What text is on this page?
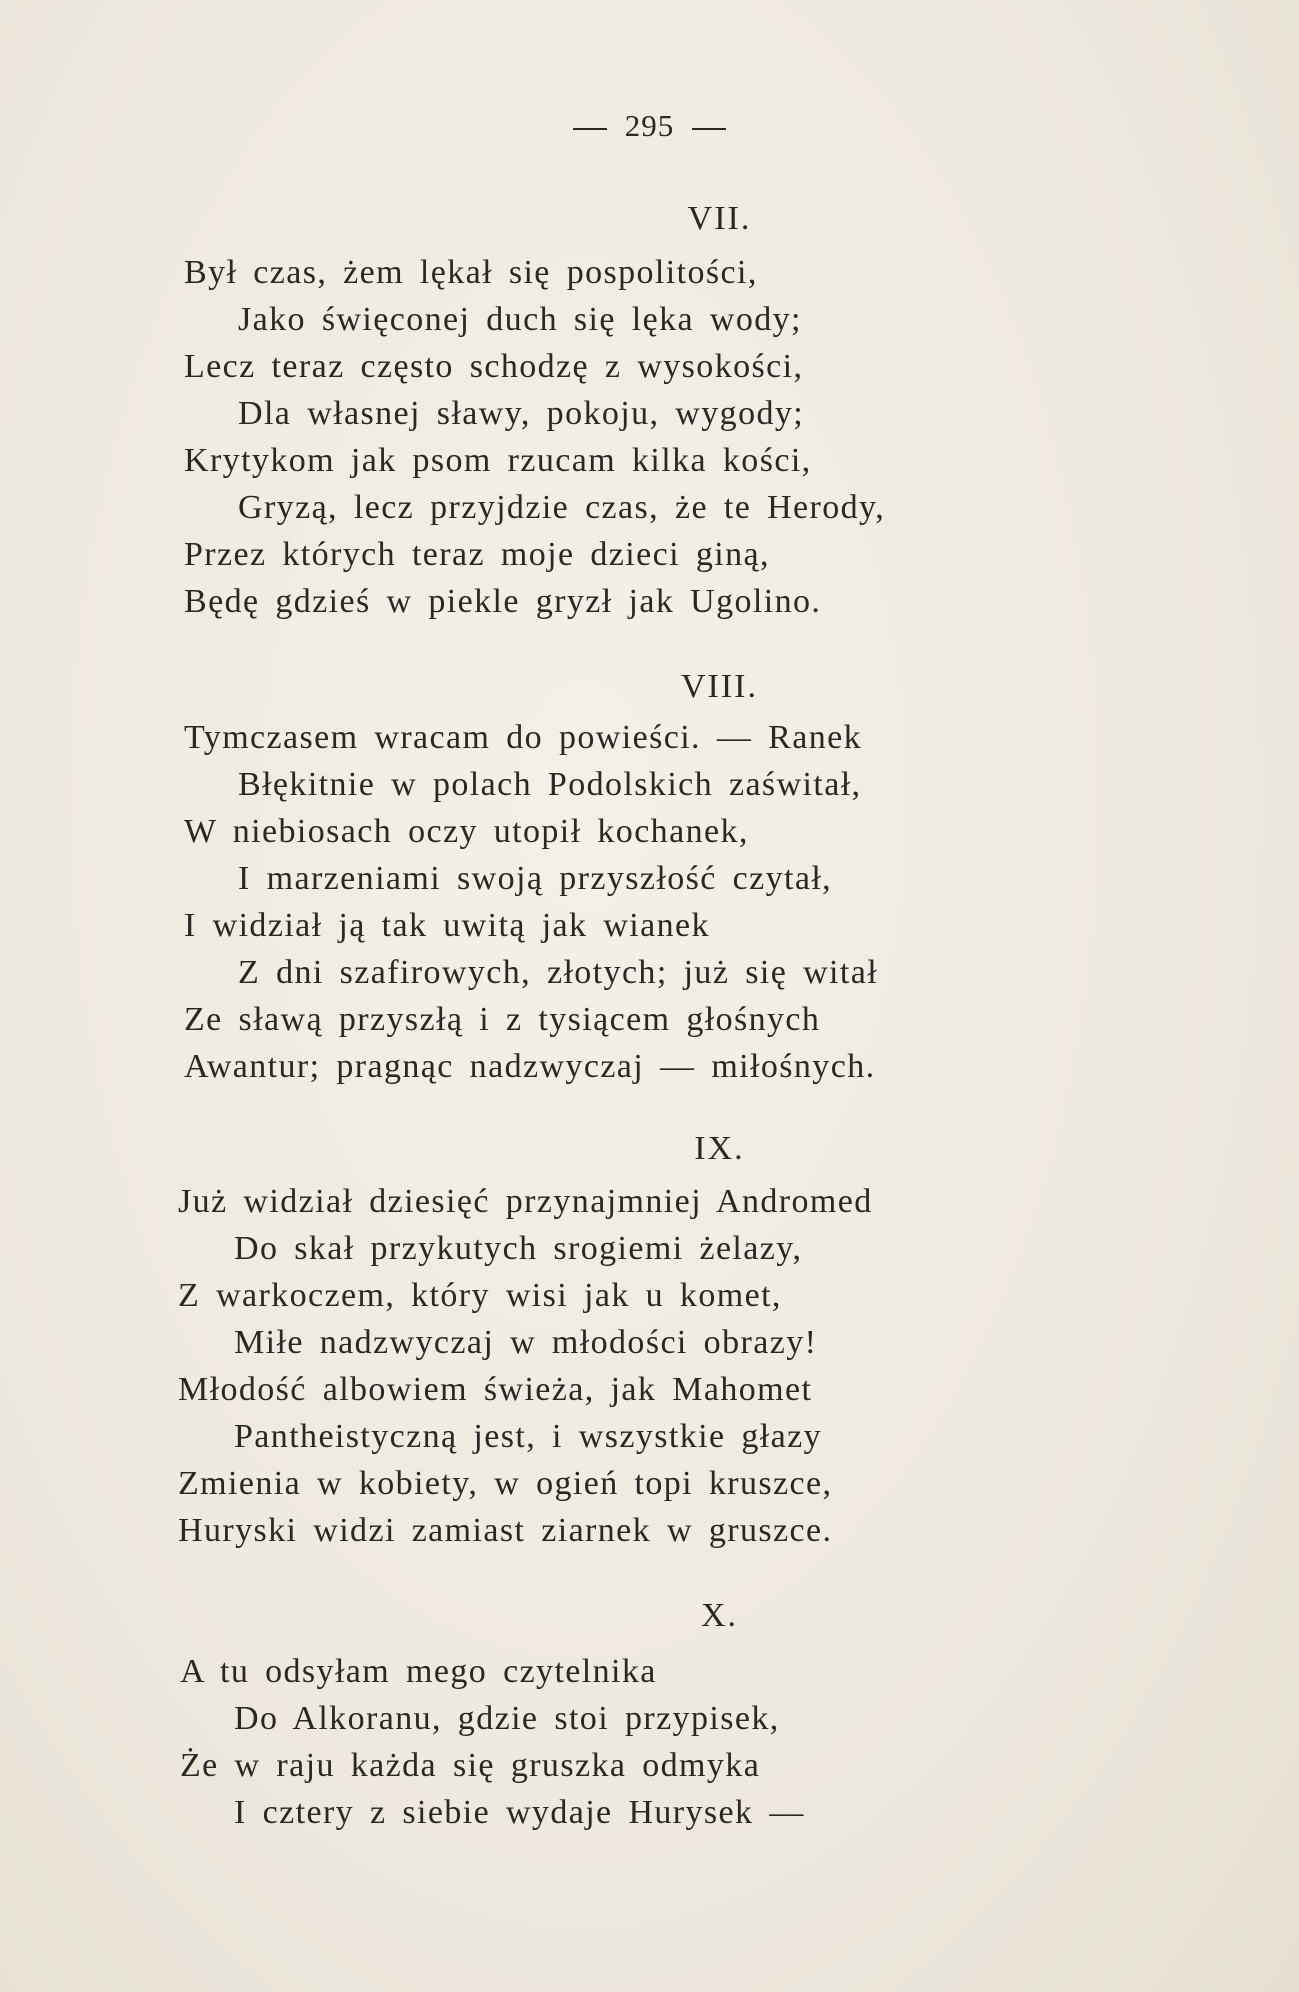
295
VII.
Był czas, żem lękał się pospolitości,
Jako święconej duch się lęka wody;
Lecz teraz często schodzę z wysokości,
Dla własnej sławy, pokoju, wygody;
Krytykom jak psom rzucam kilka kości,
Gryzą, lecz przyjdzie czas, że te Herody,
Przez których teraz moje dzieci giną,
Będę gdzieś w piekle gryzł jak Ugolino.
VIII.
Tymczasem wracam do powieści. — Ranek
Błękitnie w polach Podolskich zaświtał,
W niebiosach oczy utopił kochanek,
I marzeniami swoją przyszłość czytał,
I widział ją tak uwitą jak wianek
Z dni szafirowych, złotych; już się witał
Ze sławą przyszłą i z tysiącem głośnych
Awantur; pragnąc nadzwyczaj — miłośnych.
IX.
Już widział dziesięć przynajmniej Andromed
Do skał przykutych srogiemi żelazy,
Z warkoczem, który wisi jak u komet,
Miłe nadzwyczaj w młodości obrazy!
Młodość albowiem świeża, jak Mahomet
Pantheistyczną jest, i wszystkie głazy
Zmienia w kobiety, w ogień topi kruszce,
Huryski widzi zamiast ziarnek w gruszce.
X.
A tu odsyłam mego czytelnika
Do Alkoranu, gdzie stoi przypisek,
Że w raju każda się gruszka odmyka
I cztery z siebie wydaje Hurysek —
